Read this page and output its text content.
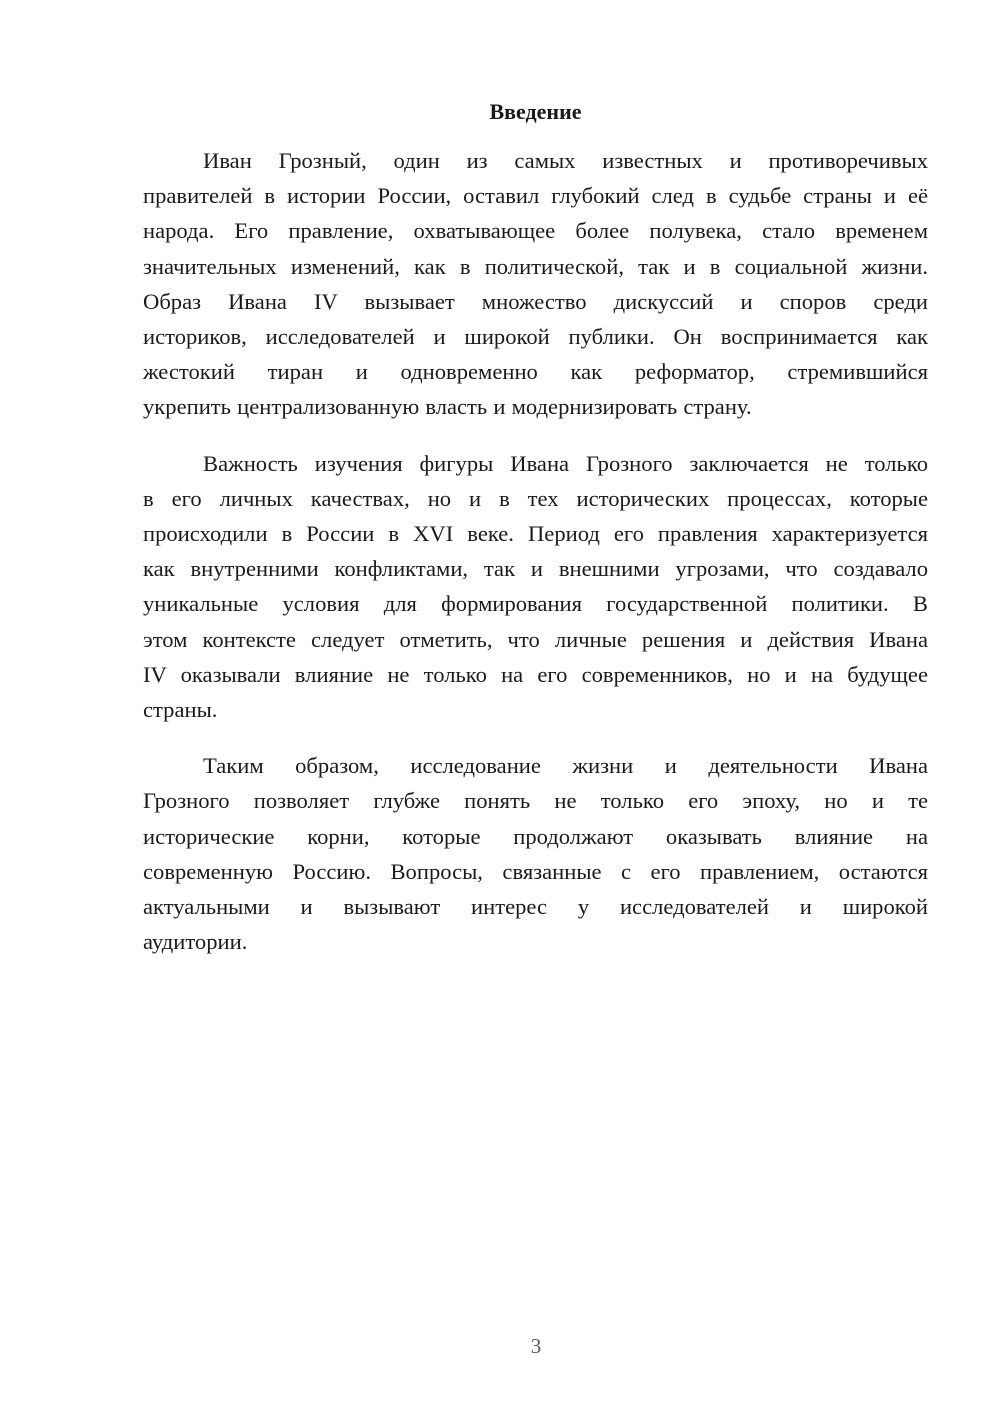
Введение
Иван Грозный, один из самых известных и противоречивых
правителей в истории России, оставил глубокий след в судьбе страны и её
народа. Его правление, охватывающее более полувека, стало временем
значительных изменений, как в политической, так и в социальной жизни.
Образ Ивана IV вызывает множество дискуссий и споров среди
историков, исследователей и широкой публики. Он воспринимается как
жестокий тиран и одновременно как реформатор, стремившийся
укрепить централизованную власть и модернизировать страну.
Важность изучения фигуры Ивана Грозного заключается не только
в его личных качествах, но и в тех исторических процессах, которые
происходили в России в XVI веке. Период его правления характеризуется
как внутренними конфликтами, так и внешними угрозами, что создавало
уникальные условия для формирования государственной политики. В
этом контексте следует отметить, что личные решения и действия Ивана
IV оказывали влияние не только на его современников, но и на будущее
страны.
Таким образом, исследование жизни и деятельности Ивана
Грозного позволяет глубже понять не только его эпоху, но и те
исторические корни, которые продолжают оказывать влияние на
современную Россию. Вопросы, связанные с его правлением, остаются
актуальными и вызывают интерес у исследователей и широкой
аудитории.
3
